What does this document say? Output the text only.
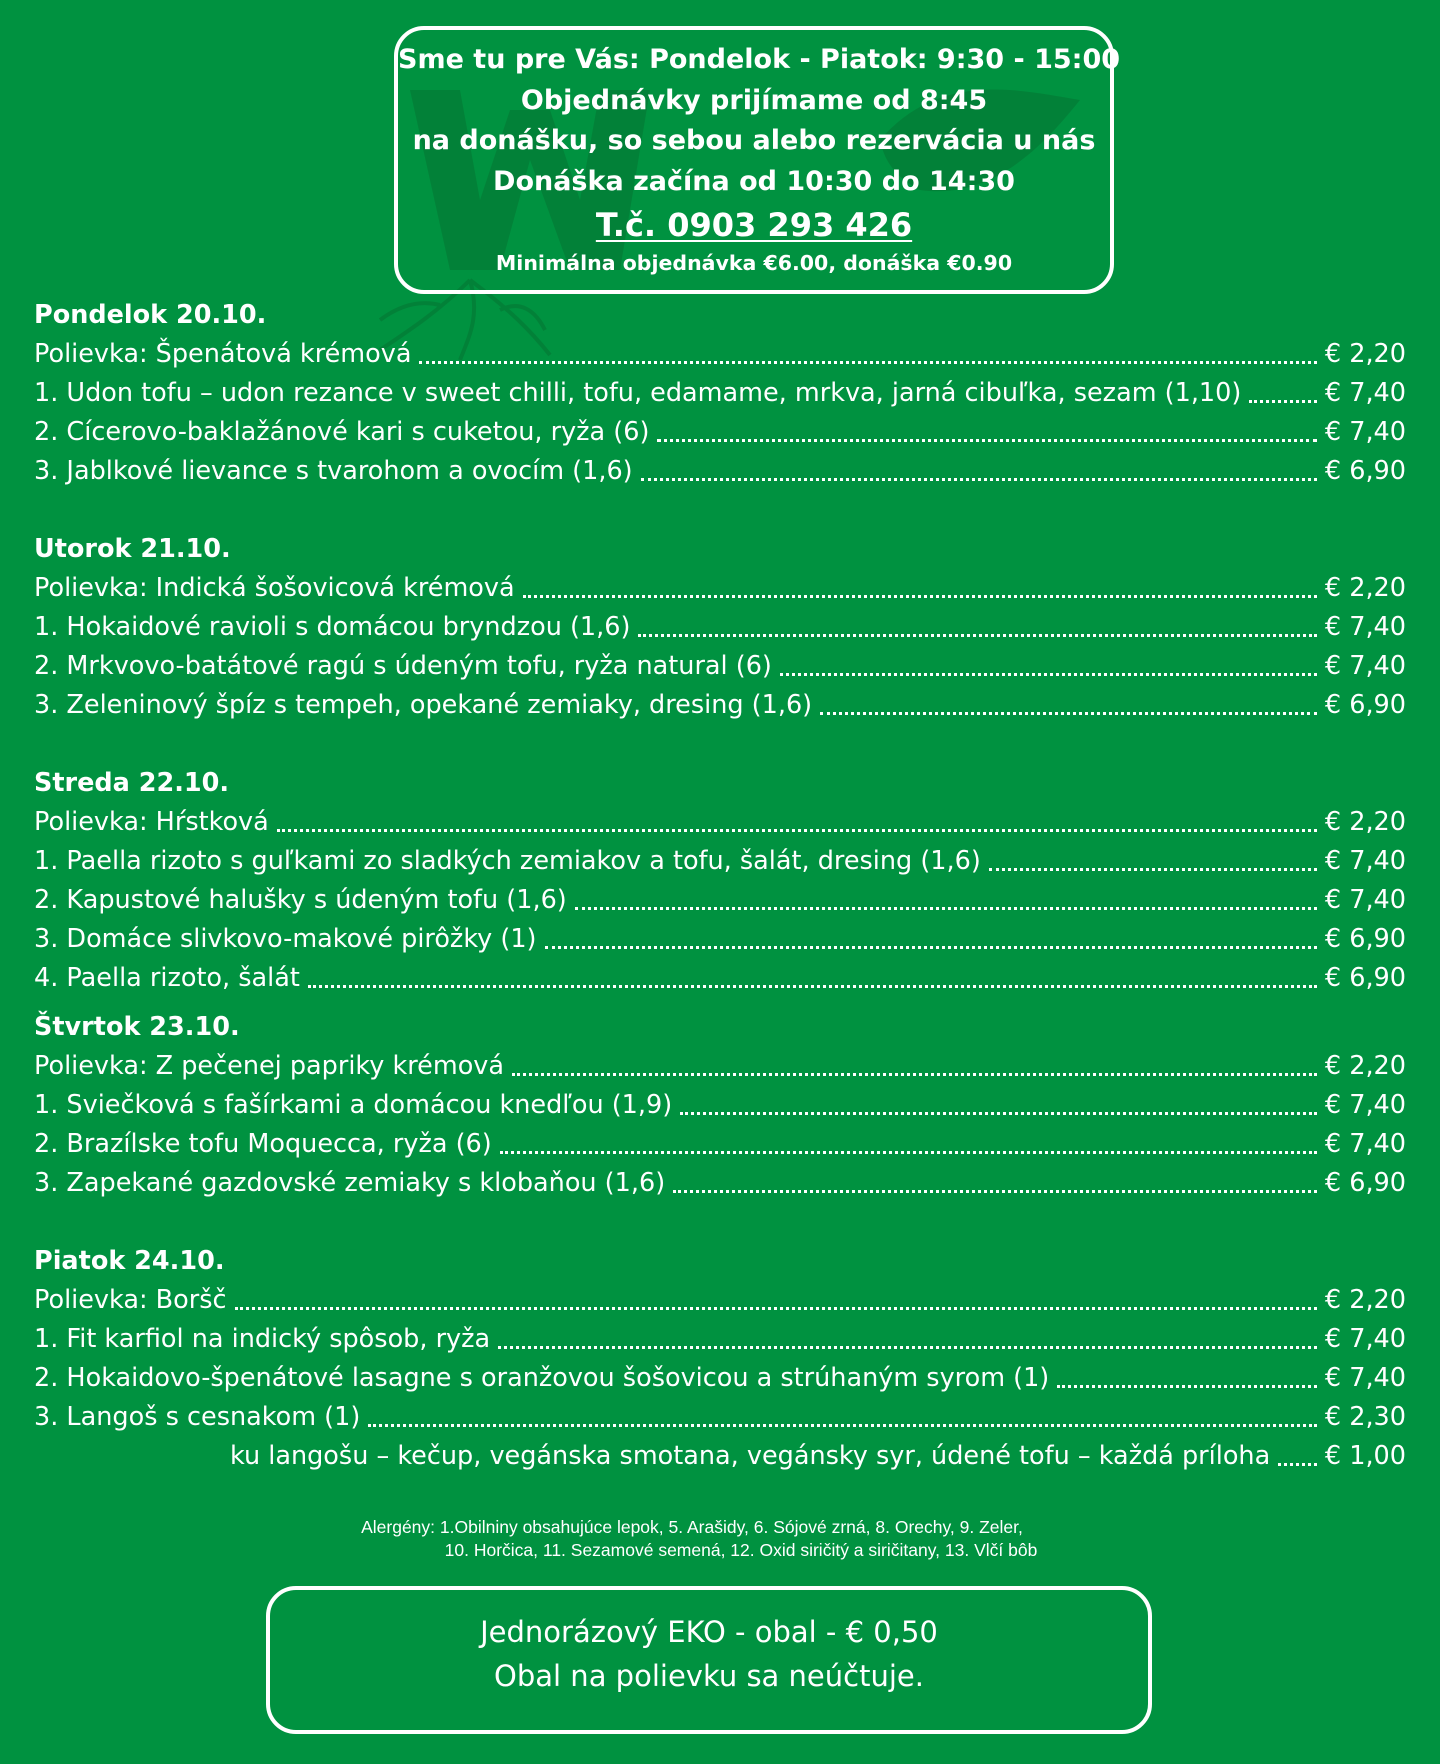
Sme tu pre Vás: Pondelok - Piatok: 9:30 - 15:00
Objednávky prijímame od 8:45
na donášku, so sebou alebo rezervácia u nás
Donáška začína od 10:30 do 14:30
T.č. 0903 293 426
Minimálna objednávka €6.00, donáška €0.90
Pondelok 20.10.
Polievka: Špenátová krémová	€ 2,20
1. Udon tofu – udon rezance v sweet chilli, tofu, edamame, mrkva, jarná cibuľka, sezam (1,10)	€ 7,40
2. Cícerovo-baklažánové kari s cuketou, ryža (6)	€ 7,40
3. Jablkové lievance s tvarohom a ovocím (1,6)	€ 6,90
Utorok 21.10.
Polievka: Indická šošovicová krémová	€ 2,20
1. Hokaidové ravioli s domácou bryndzou (1,6)	€ 7,40
2. Mrkvovo-batátové ragú s údeným tofu, ryža natural (6)	€ 7,40
3. Zeleninový špíz s tempeh, opekané zemiaky, dresing (1,6)	€ 6,90
Streda 22.10.
Polievka: Hŕstková	€ 2,20
1. Paella rizoto s guľkami zo sladkých zemiakov a tofu, šalát, dresing (1,6)	€ 7,40
2. Kapustové halušky s údeným tofu (1,6)	€ 7,40
3. Domáce slivkovo-makové pirôžky (1)	€ 6,90
4. Paella rizoto, šalát	€ 6,90
Štvrtok 23.10.
Polievka: Z pečenej papriky krémová	€ 2,20
1. Sviečková s fašírkami a domácou knedľou (1,9)	€ 7,40
2. Brazílske tofu Moquecca, ryža (6)	€ 7,40
3. Zapekané gazdovské zemiaky s klobaňou (1,6)	€ 6,90
Piatok 24.10.
Polievka: Boršč	€ 2,20
1. Fit karfiol na indický spôsob, ryža	€ 7,40
2. Hokaidovo-špenátové lasagne s oranžovou šošovicou a strúhaným syrom (1)	€ 7,40
3. Langoš s cesnakom (1)	€ 2,30
ku langošu – kečup, vegánska smotana, vegánsky syr, údené tofu – každá príloha € 1,00
Alergény: 1.Obilniny obsahujúce lepok, 5. Arašidy, 6. Sójové zrná, 8. Orechy, 9. Zeler,
10. Horčica, 11. Sezamové semená, 12. Oxid siričitý a siričitany, 13. Vlčí bôb
Jednorázový EKO - obal - € 0,50
Obal na polievku sa neúčtuje.
